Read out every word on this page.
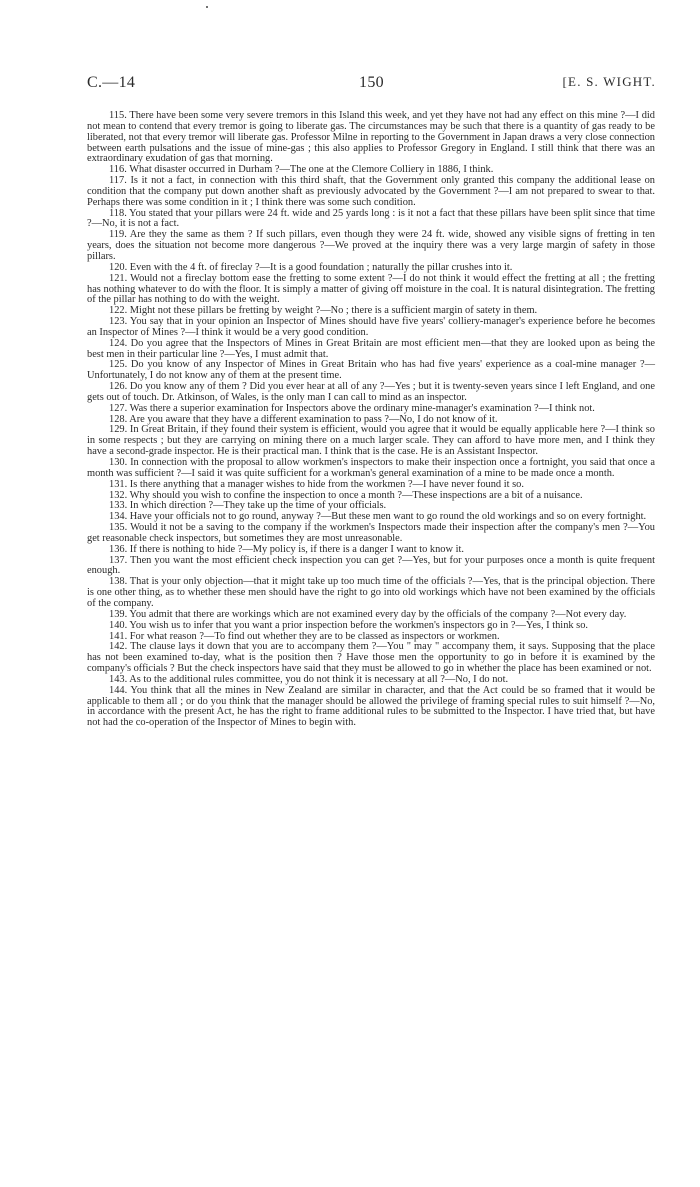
C.—14	150	[E. S. WIGHT.

115. There have been some very severe tremors in this Island this week, and yet they have not had any effect on this mine ?—I did not mean to contend that every tremor is going to liberate gas. The circumstances may be such that there is a quantity of gas ready to be liberated, not that every tremor will liberate gas. Professor Milne in reporting to the Government in Japan draws a very close connection between earth pulsations and the issue of mine-gas ; this also applies to Professor Gregory in England. I still think that there was an extraordinary exudation of gas that morning.

116. What disaster occurred in Durham ?—The one at the Clemore Colliery in 1886, I think.

117. Is it not a fact, in connection with this third shaft, that the Government only granted this company the additional lease on condition that the company put down another shaft as previously advocated by the Government ?—I am not prepared to swear to that. Perhaps there was some condition in it ; I think there was some such condition.

118. You stated that your pillars were 24 ft. wide and 25 yards long : is it not a fact that these pillars have been split since that time ?—No, it is not a fact.

119. Are they the same as them ? If such pillars, even though they were 24 ft. wide, showed any visible signs of fretting in ten years, does the situation not become more dangerous ?—We proved at the inquiry there was a very large margin of safety in those pillars.

120. Even with the 4 ft. of fireclay ?—It is a good foundation ; naturally the pillar crushes into it.

121. Would not a fireclay bottom ease the fretting to some extent ?—I do not think it would effect the fretting at all ; the fretting has nothing whatever to do with the floor. It is simply a matter of giving off moisture in the coal. It is natural disintegration. The fretting of the pillar has nothing to do with the weight.

122. Might not these pillars be fretting by weight ?—No ; there is a sufficient margin of satety in them.

123. You say that in your opinion an Inspector of Mines should have five years' colliery-manager's experience before he becomes an Inspector of Mines ?—I think it would be a very good condition.

124. Do you agree that the Inspectors of Mines in Great Britain are most efficient men—that they are looked upon as being the best men in their particular line ?—Yes, I must admit that.

125. Do you know of any Inspector of Mines in Great Britain who has had five years' experience as a coal-mine manager ?—Unfortunately, I do not know any of them at the present time.

126. Do you know any of them ? Did you ever hear at all of any ?—Yes ; but it is twenty-seven years since I left England, and one gets out of touch. Dr. Atkinson, of Wales, is the only man I can call to mind as an inspector.

127. Was there a superior examination for Inspectors above the ordinary mine-manager's examination ?—I think not.

128. Are you aware that they have a different examination to pass ?—No, I do not know of it.

129. In Great Britain, if they found their system is efficient, would you agree that it would be equally applicable here ?—I think so in some respects ; but they are carrying on mining there on a much larger scale. They can afford to have more men, and I think they have a second-grade inspector. He is their practical man. I think that is the case. He is an Assistant Inspector.

130. In connection with the proposal to allow workmen's inspectors to make their inspection once a fortnight, you said that once a month was sufficient ?—I said it was quite sufficient for a workman's general examination of a mine to be made once a month.

131. Is there anything that a manager wishes to hide from the workmen ?—I have never found it so.

132. Why should you wish to confine the inspection to once a month ?—These inspections are a bit of a nuisance.

133. In which direction ?—They take up the time of your officials.

134. Have your officials not to go round, anyway ?—But these men want to go round the old workings and so on every fortnight.

135. Would it not be a saving to the company if the workmen's Inspectors made their inspection after the company's men ?—You get reasonable check inspectors, but sometimes they are most unreasonable.

136. If there is nothing to hide ?—My policy is, if there is a danger I want to know it.

137. Then you want the most efficient check inspection you can get ?—Yes, but for your purposes once a month is quite frequent enough.

138. That is your only objection—that it might take up too much time of the officials ?—Yes, that is the principal objection. There is one other thing, as to whether these men should have the right to go into old workings which have not been examined by the officials of the company.

139. You admit that there are workings which are not examined every day by the officials of the company ?—Not every day.

140. You wish us to infer that you want a prior inspection before the workmen's inspectors go in ?—Yes, I think so.

141. For what reason ?—To find out whether they are to be classed as inspectors or workmen.

142. The clause lays it down that you are to accompany them ?—You " may " accompany them, it says. Supposing that the place has not been examined to-day, what is the position then ? Have those men the opportunity to go in before it is examined by the company's officials ? But the check inspectors have said that they must be allowed to go in whether the place has been examined or not.

143. As to the additional rules committee, you do not think it is necessary at all ?—No, I do not.

144. You think that all the mines in New Zealand are similar in character, and that the Act could be so framed that it would be applicable to them all ; or do you think that the manager should be allowed the privilege of framing special rules to suit himself ?—No, in accordance with the present Act, he has the right to frame additional rules to be submitted to the Inspector. I have tried that, but have not had the co-operation of the Inspector of Mines to begin with.
